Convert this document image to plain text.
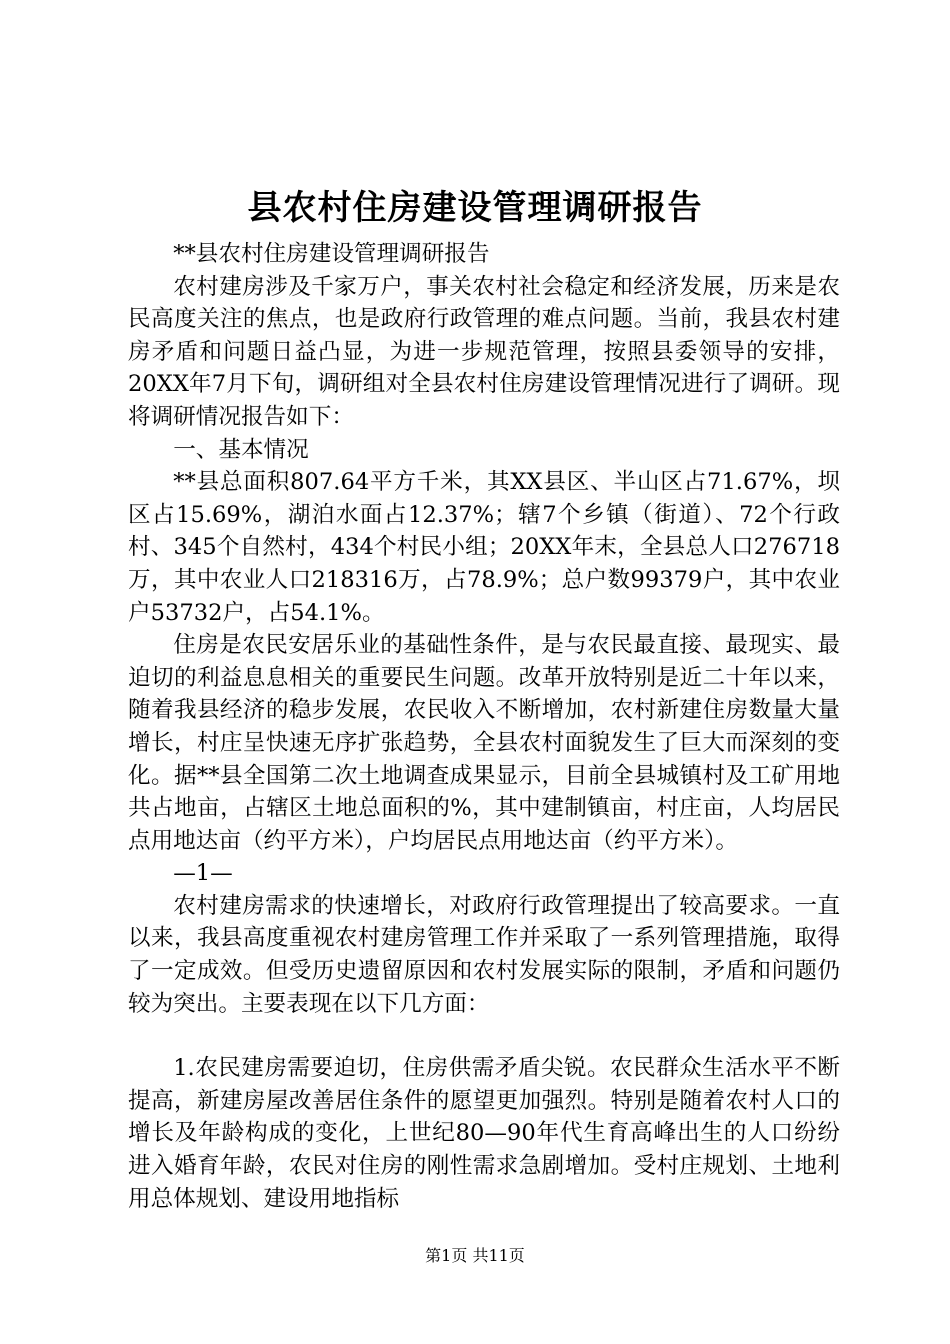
县农村住房建设管理调研报告

**县农村住房建设管理调研报告

农村建房涉及千家万户，事关农村社会稳定和经济发展，历来是农民高度关注的焦点，也是政府行政管理的难点问题。当前，我县农村建房矛盾和问题日益凸显，为进一步规范管理，按照县委领导的安排，20XX年7月下旬，调研组对全县农村住房建设管理情况进行了调研。现将调研情况报告如下：

一、基本情况

**县总面积807.64平方千米，其XX县区、半山区占71.67%，坝区占15.69%，湖泊水面占12.37%；辖7个乡镇（街道）、72个行政村、345个自然村，434个村民小组；20XX年末，全县总人口276718万，其中农业人口218316万，占78.9%；总户数99379户，其中农业户53732户，占54.1%。

住房是农民安居乐业的基础性条件，是与农民最直接、最现实、最迫切的利益息息相关的重要民生问题。改革开放特别是近二十年以来，随着我县经济的稳步发展，农民收入不断增加，农村新建住房数量大量增长，村庄呈快速无序扩张趋势，全县农村面貌发生了巨大而深刻的变化。据**县全国第二次土地调查成果显示，目前全县城镇村及工矿用地共占地亩，占辖区土地总面积的%，其中建制镇亩，村庄亩，人均居民点用地达亩（约平方米），户均居民点用地达亩（约平方米）。

—1—

农村建房需求的快速增长，对政府行政管理提出了较高要求。一直以来，我县高度重视农村建房管理工作并采取了一系列管理措施，取得了一定成效。但受历史遗留原因和农村发展实际的限制，矛盾和问题仍较为突出。主要表现在以下几方面：

1.农民建房需要迫切，住房供需矛盾尖锐。农民群众生活水平不断提高，新建房屋改善居住条件的愿望更加强烈。特别是随着农村人口的增长及年龄构成的变化，上世纪80—90年代生育高峰出生的人口纷纷进入婚育年龄，农民对住房的刚性需求急剧增加。受村庄规划、土地利用总体规划、建设用地指标

第1页 共11页
